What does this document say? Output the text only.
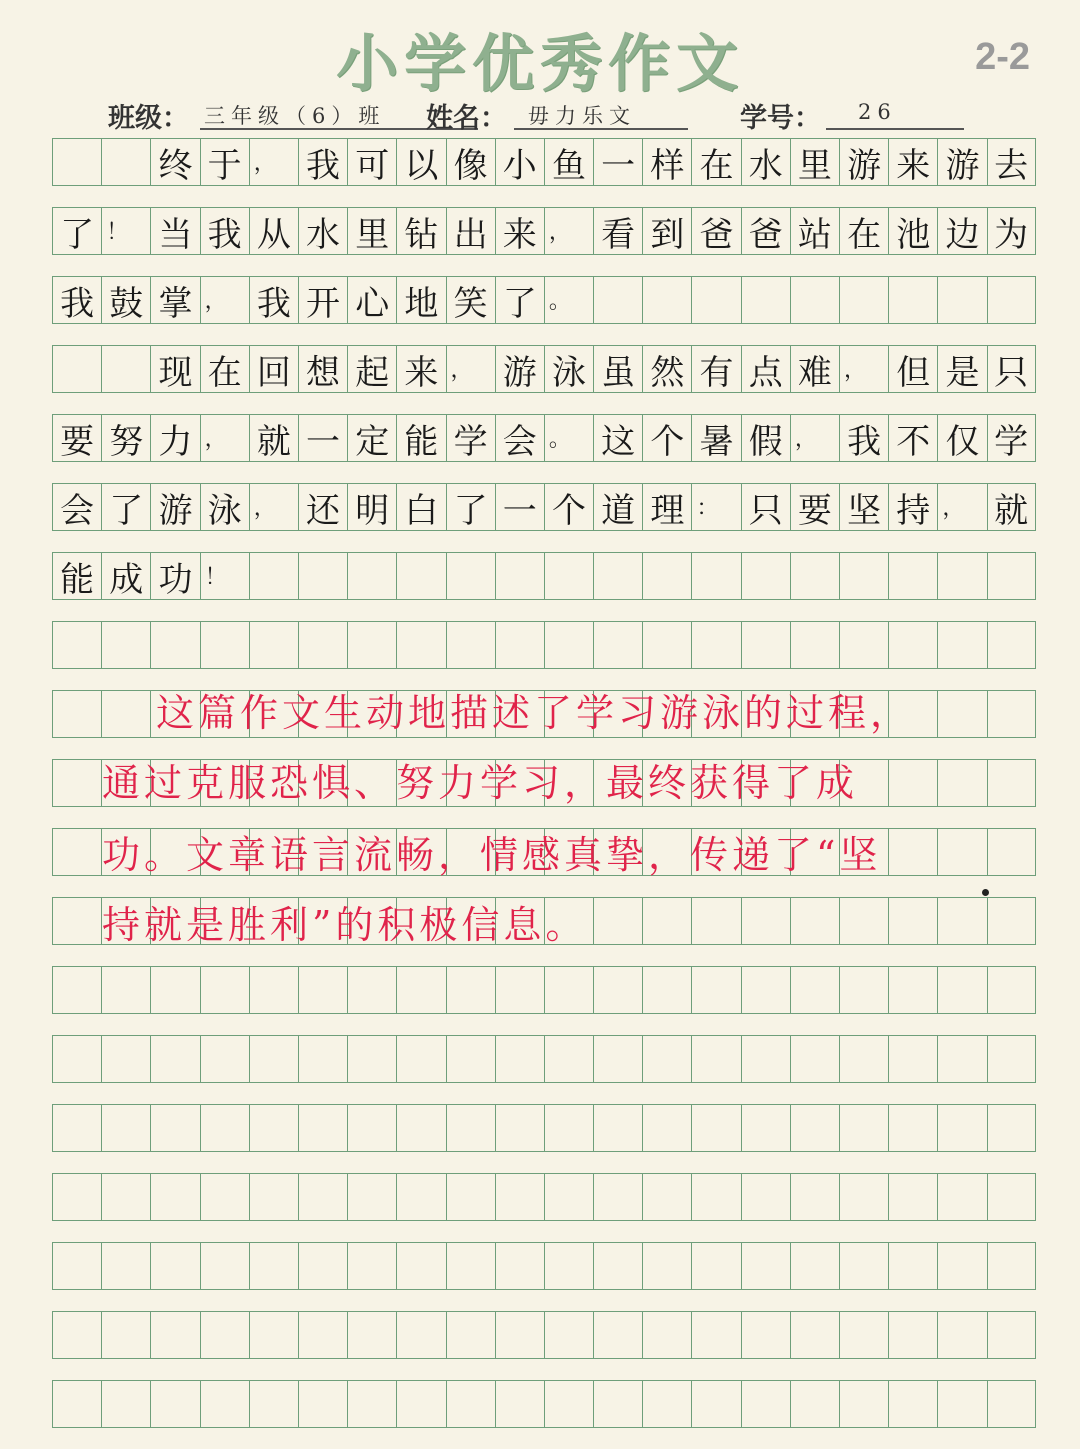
小学优秀作文	2-2
班级： 三年级（6）班 姓名： 毋力乐文	学号： 26
终 于 ， 我 可 以 像 小 鱼 一 样 在 水 里 游 来 游 去
了 ！ 当 我 从 水 里 钻 出 来 ， 看 到 爸 爸 站 在 池 边 为
我 鼓 掌 ， 我 开 心 地 笑 了 。
现 在 回 想 起 来 ， 游 泳 虽 然 有 点 难 ， 但 是 只
要 努 力 ， 就 一 定 能 学 会 。 这 个 暑 假 ， 我 不 仅 学
会 了 游 泳 ， 还 明 白 了 一 个 道 理 ： 只 要 坚 持 ， 就
能 成 功 ！
这篇作文生动地描述了学习游泳的过程，
通过克服恐惧、努力学习，最终获得了成
功。文章语言流畅，情感真挚，传递了“坚
持就是胜利”的积极信息。
